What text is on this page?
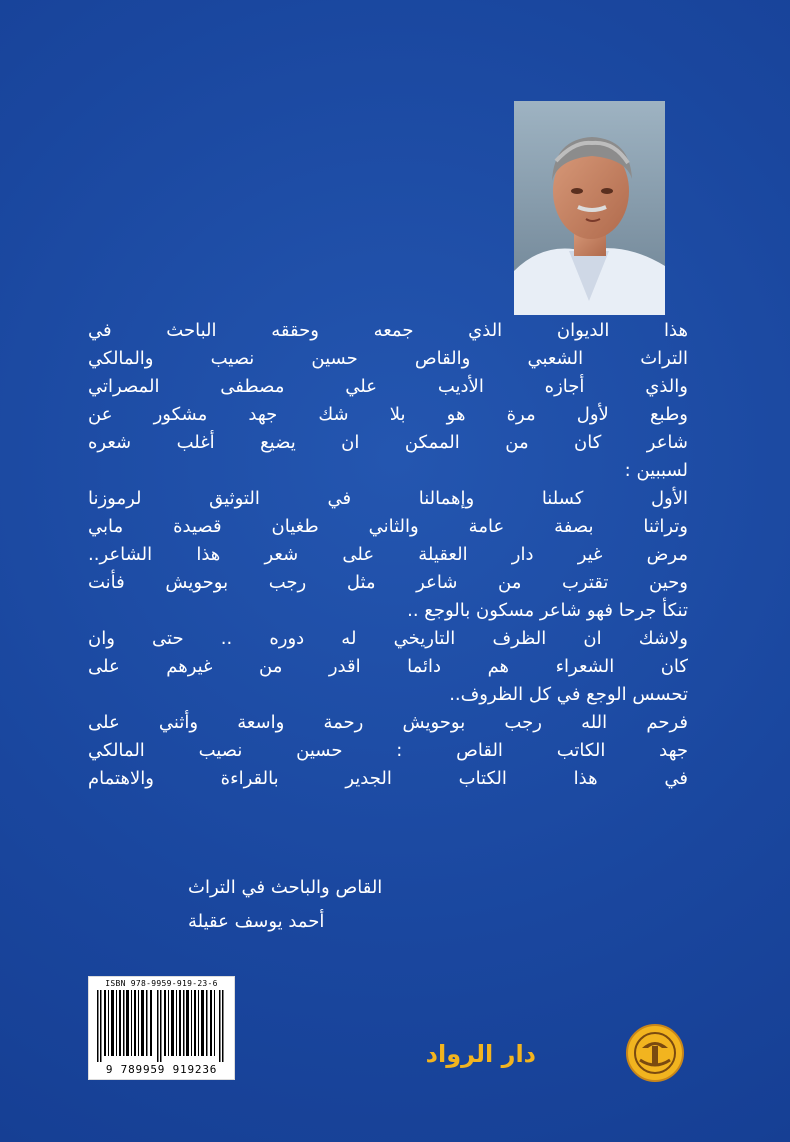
هذا الديوان الذي جمعه وحققه الباحث في
التراث الشعبي والقاص حسين نصيب والمالكي
والذي أجازه الأديب علي مصطفى المصراتي
وطبع لأول مرة هو بلا شك جهد مشكور عن
شاعر كان من الممكن ان يضيع أغلب شعره
لسببين :
الأول كسلنا وإهمالنا في التوثيق لرموزنا
وتراثنا بصفة عامة والثاني طغيان قصيدة مابي
مرض غير دار العقيلة على شعر هذا الشاعر..
وحين تقترب من شاعر مثل رجب بوحويش فأنت
تنكأ جرحا فهو شاعر مسكون بالوجع ..
ولاشك ان الظرف التاريخي له دوره .. حتى وان
كان الشعراء هم دائما اقدر من غيرهم على
تحسس الوجع في كل الظروف..
فرحم الله رجب بوحويش رحمة واسعة وأثني على
جهد الكاتب القاص : حسين نصيب المالكي
في هذا الكتاب الجدير بالقراءة والاهتمام
القاص والباحث في التراث
أحمد يوسف عقيلة
ISBN 978-9959-919-23-6
9 789959 919236
دار الرواد
